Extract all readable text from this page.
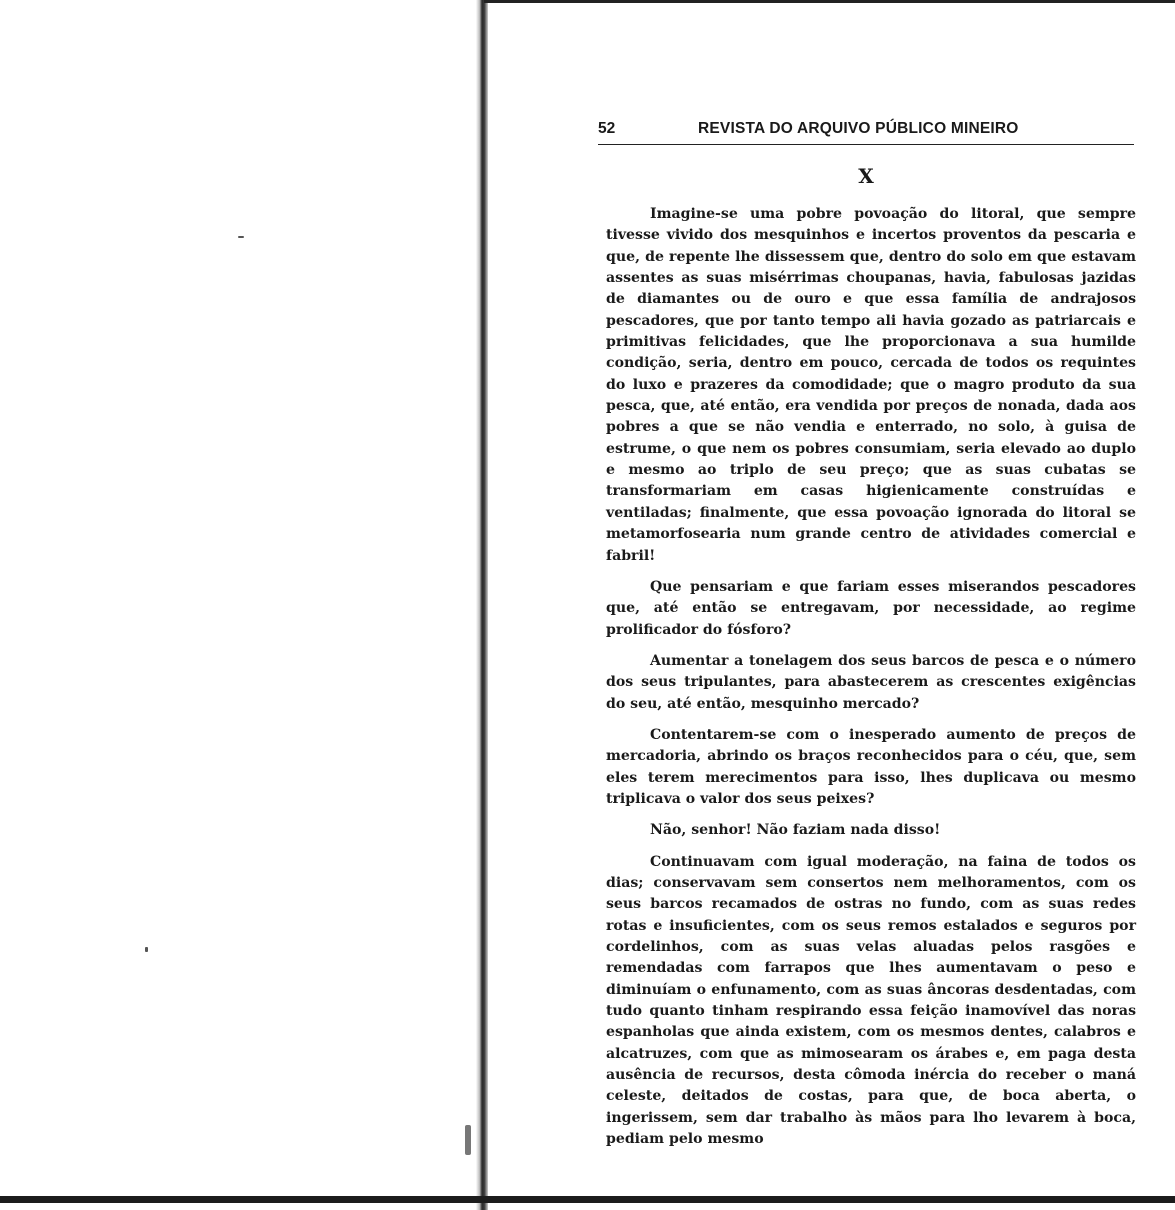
52	REVISTA DO ARQUIVO PÚBLICO MINEIRO
X

Imagine-se uma pobre povoação do litoral, que sempre tivesse vivido dos mesquinhos e incertos proventos da pescaria e que, de repente lhe dissessem que, dentro do solo em que estavam assentes as suas misérrimas choupanas, havia, fabulosas jazidas de diamantes ou de ouro e que essa família de andrajosos pescadores, que por tanto tempo ali havia gozado as patriarcais e primitivas felicidades, que lhe proporcionava a sua humilde condição, seria, dentro em pouco, cercada de todos os requintes do luxo e prazeres da comodidade; que o magro produto da sua pesca, que, até então, era vendida por preços de nonada, dada aos pobres a que se não vendia e enterrado, no solo, à guisa de estrume, o que nem os pobres consumiam, seria elevado ao duplo e mesmo ao triplo de seu preço; que as suas cubatas se transformariam em casas higienicamente construídas e ventiladas; finalmente, que essa povoação ignorada do litoral se metamorfosearia num grande centro de atividades comercial e fabril!

Que pensariam e que fariam esses miserandos pescadores que, até então se entregavam, por necessidade, ao regime prolificador do fósforo?

Aumentar a tonelagem dos seus barcos de pesca e o número dos seus tripulantes, para abastecerem as crescentes exigências do seu, até então, mesquinho mercado?

Contentarem-se com o inesperado aumento de preços de mercadoria, abrindo os braços reconhecidos para o céu, que, sem eles terem merecimentos para isso, lhes duplicava ou mesmo triplicava o valor dos seus peixes?

Não, senhor! Não faziam nada disso!

Continuavam com igual moderação, na faina de todos os dias; conservavam sem consertos nem melhoramentos, com os seus barcos recamados de ostras no fundo, com as suas redes rotas e insuficientes, com os seus remos estalados e seguros por cordelinhos, com as suas velas aluadas pelos rasgões e remendadas com farrapos que lhes aumentavam o peso e diminuíam o enfunamento, com as suas âncoras desdentadas, com tudo quanto tinham respirando essa feição inamovível das noras espanholas que ainda existem, com os mesmos dentes, calabros e alcatruzes, com que as mimosearam os árabes e, em paga desta ausência de recursos, desta cômoda inércia do receber o maná celeste, deitados de costas, para que, de boca aberta, o ingerissem, sem dar trabalho às mãos para lho levarem à boca, pediam pelo mesmo
